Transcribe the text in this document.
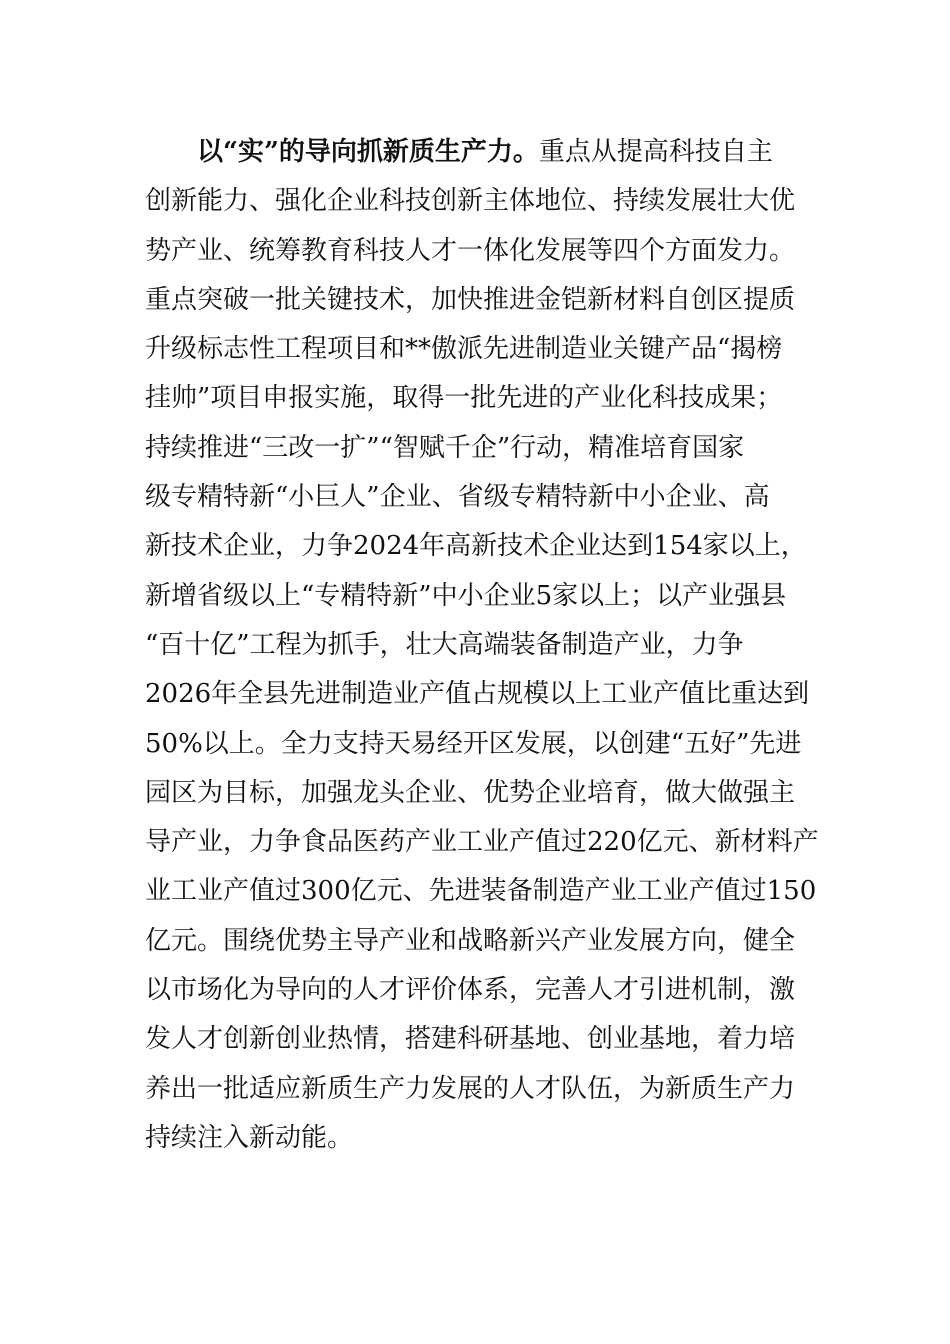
以“实”的导向抓新质生产力。重点从提高科技自主
创新能力、强化企业科技创新主体地位、持续发展壮大优
势产业、统筹教育科技人才一体化发展等四个方面发力。
重点突破一批关键技术，加快推进金铠新材料自创区提质
升级标志性工程项目和**傲派先进制造业关键产品“揭榜
挂帅”项目申报实施，取得一批先进的产业化科技成果；
持续推进“三改一扩”“智赋千企”行动，精准培育国家
级专精特新“小巨人”企业、省级专精特新中小企业、高
新技术企业，力争2024年高新技术企业达到154家以上，
新增省级以上“专精特新”中小企业5家以上；以产业强县
“百十亿”工程为抓手，壮大高端装备制造产业，力争
2026年全县先进制造业产值占规模以上工业产值比重达到
50%以上。全力支持天易经开区发展，以创建“五好”先进
园区为目标，加强龙头企业、优势企业培育，做大做强主
导产业，力争食品医药产业工业产值过220亿元、新材料产
业工业产值过300亿元、先进装备制造产业工业产值过150
亿元。围绕优势主导产业和战略新兴产业发展方向，健全
以市场化为导向的人才评价体系，完善人才引进机制，激
发人才创新创业热情，搭建科研基地、创业基地，着力培
养出一批适应新质生产力发展的人才队伍，为新质生产力
持续注入新动能。
